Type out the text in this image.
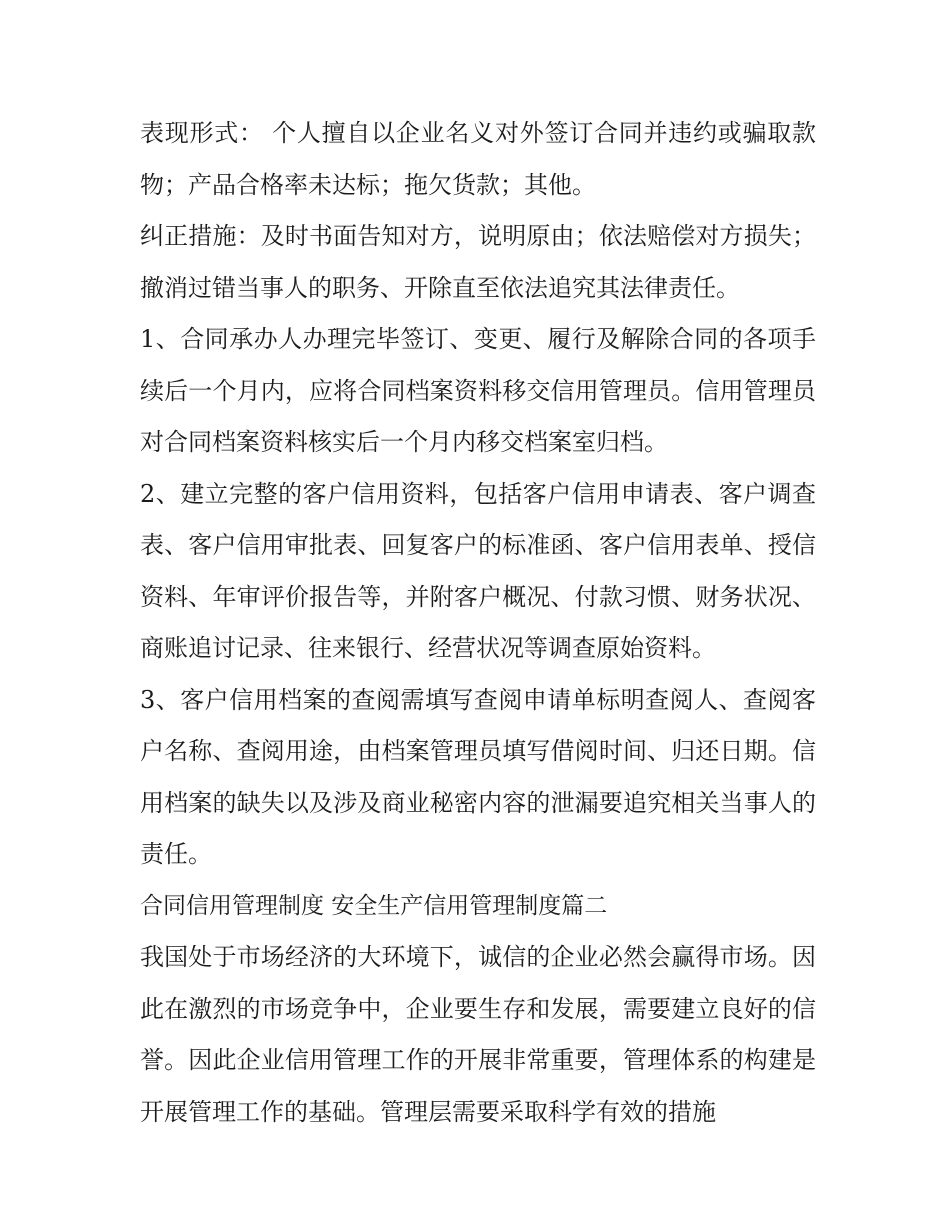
表现形式： 个人擅自以企业名义对外签订合同并违约或骗取款物；产品合格率未达标；拖欠货款；其他。

纠正措施：及时书面告知对方，说明原由；依法赔偿对方损失；撤消过错当事人的职务、开除直至依法追究其法律责任。

1、合同承办人办理完毕签订、变更、履行及解除合同的各项手续后一个月内，应将合同档案资料移交信用管理员。信用管理员对合同档案资料核实后一个月内移交档案室归档。

2、建立完整的客户信用资料，包括客户信用申请表、客户调查表、客户信用审批表、回复客户的标准函、客户信用表单、授信资料、年审评价报告等，并附客户概况、付款习惯、财务状况、商账追讨记录、往来银行、经营状况等调查原始资料。

3、客户信用档案的查阅需填写查阅申请单标明查阅人、查阅客户名称、查阅用途，由档案管理员填写借阅时间、归还日期。信用档案的缺失以及涉及商业秘密内容的泄漏要追究相关当事人的责任。

合同信用管理制度 安全生产信用管理制度篇二

我国处于市场经济的大环境下，诚信的企业必然会赢得市场。因此在激烈的市场竞争中，企业要生存和发展，需要建立良好的信誉。因此企业信用管理工作的开展非常重要，管理体系的构建是开展管理工作的基础。管理层需要采取科学有效的措施
